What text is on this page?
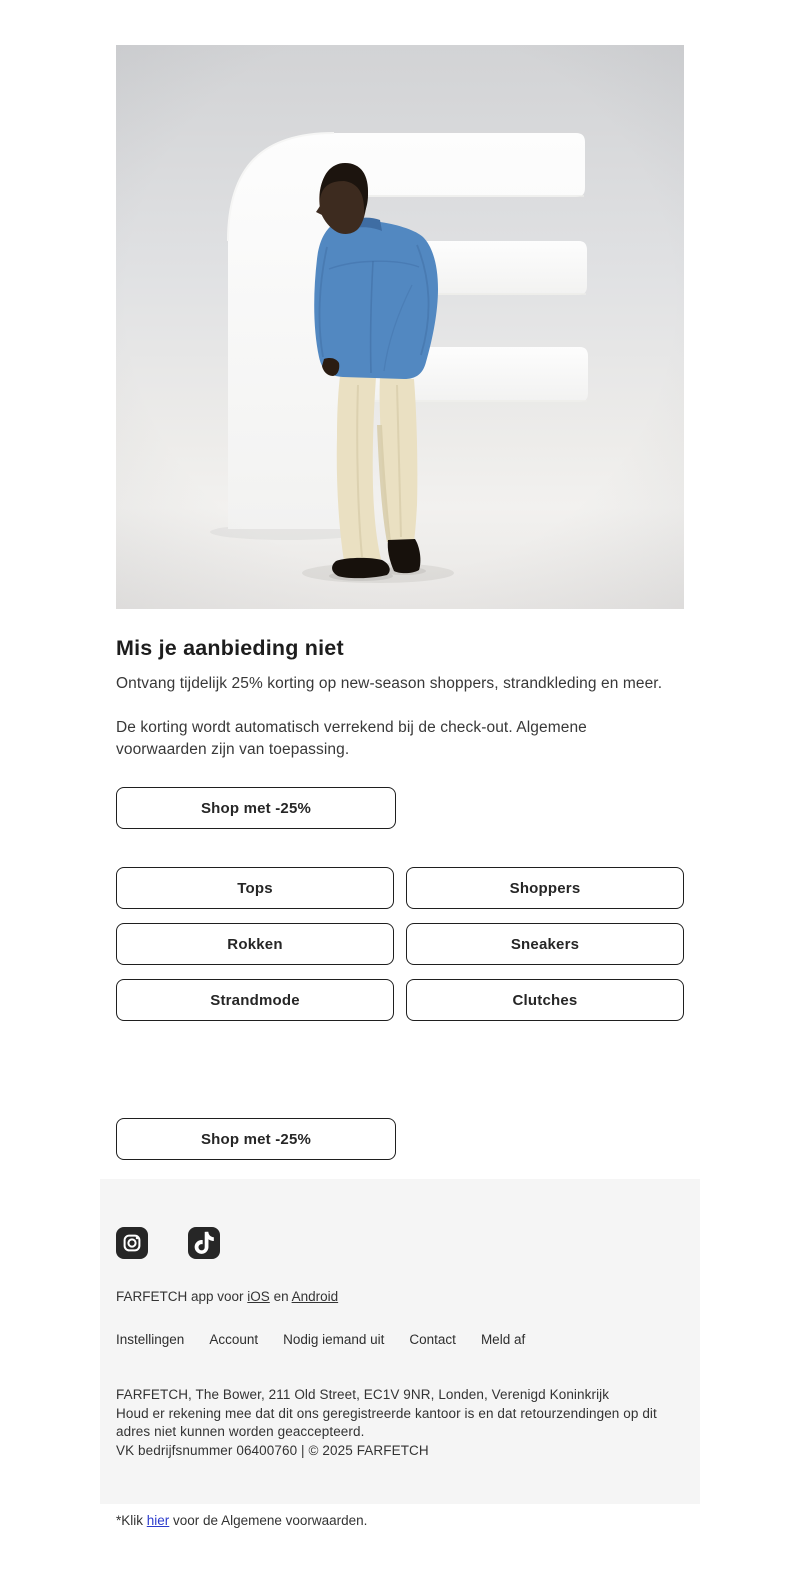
Mis je aanbieding niet

Ontvang tijdelijk 25% korting op new-season shoppers, strandkleding en meer.

De korting wordt automatisch verrekend bij de check-out. Algemene voorwaarden zijn van toepassing.

Shop met -25%
Tops	Shoppers
Rokken	Sneakers
Strandmode	Clutches
Shop met -25%
FARFETCH app voor iOS en Android
Instellingen Account Nodig iemand uit Contact Meld af
FARFETCH, The Bower, 211 Old Street, EC1V 9NR, Londen, Verenigd Koninkrijk
Houd er rekening mee dat dit ons geregistreerde kantoor is en dat retourzendingen op dit adres niet kunnen worden geaccepteerd.
VK bedrijfsnummer 06400760 | © 2025 FARFETCH
*Klik hier voor de Algemene voorwaarden.
